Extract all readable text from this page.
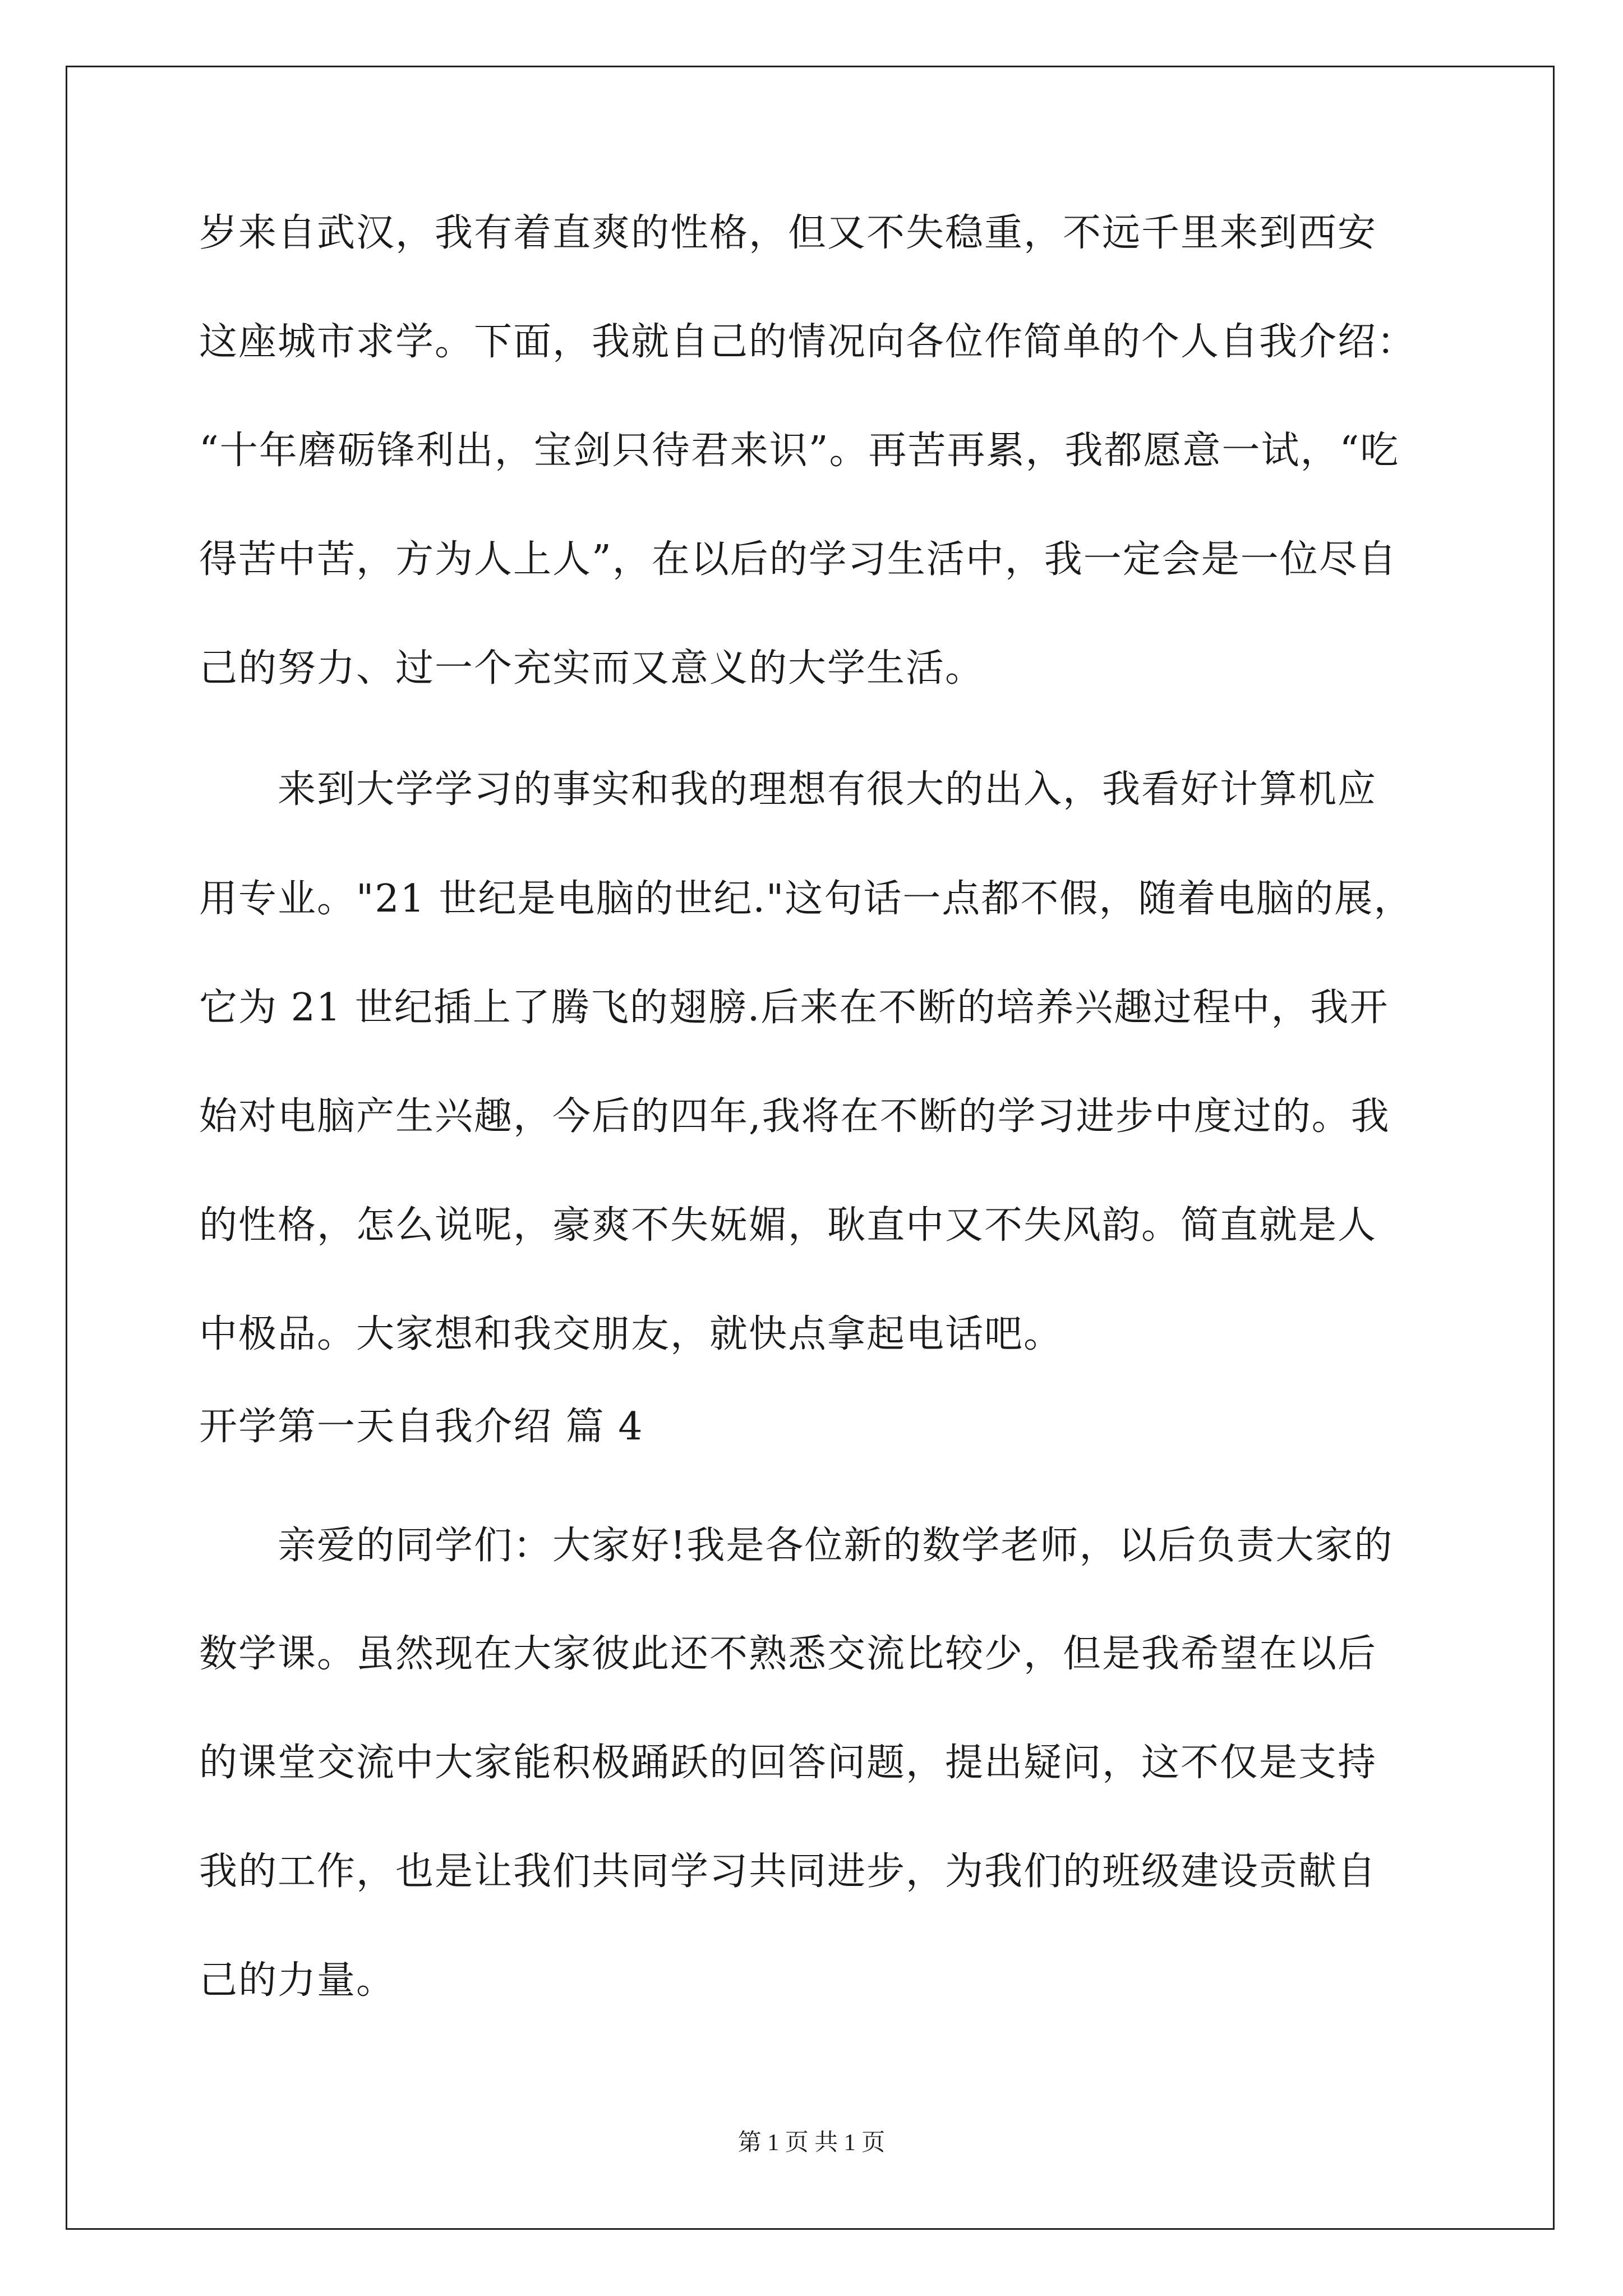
岁来自武汉，我有着直爽的性格，但又不失稳重，不远千里来到西安
这座城市求学。下面，我就自己的情况向各位作简单的个人自我介绍：
“十年磨砺锋利出，宝剑只待君来识”。再苦再累，我都愿意一试，“吃
得苦中苦，方为人上人”，在以后的学习生活中，我一定会是一位尽自
己的努力、过一个充实而又意义的大学生活。
来到大学学习的事实和我的理想有很大的出入，我看好计算机应
用专业。"21 世纪是电脑的世纪."这句话一点都不假，随着电脑的展，
它为 21 世纪插上了腾飞的翅膀.后来在不断的培养兴趣过程中，我开
始对电脑产生兴趣，今后的四年,我将在不断的学习进步中度过的。我
的性格，怎么说呢，豪爽不失妩媚，耿直中又不失风韵。简直就是人
中极品。大家想和我交朋友，就快点拿起电话吧。
开学第一天自我介绍 篇 4
亲爱的同学们：大家好!我是各位新的数学老师，以后负责大家的
数学课。虽然现在大家彼此还不熟悉交流比较少，但是我希望在以后
的课堂交流中大家能积极踊跃的回答问题，提出疑问，这不仅是支持
我的工作，也是让我们共同学习共同进步，为我们的班级建设贡献自
己的力量。
第 1 页 共 1 页
